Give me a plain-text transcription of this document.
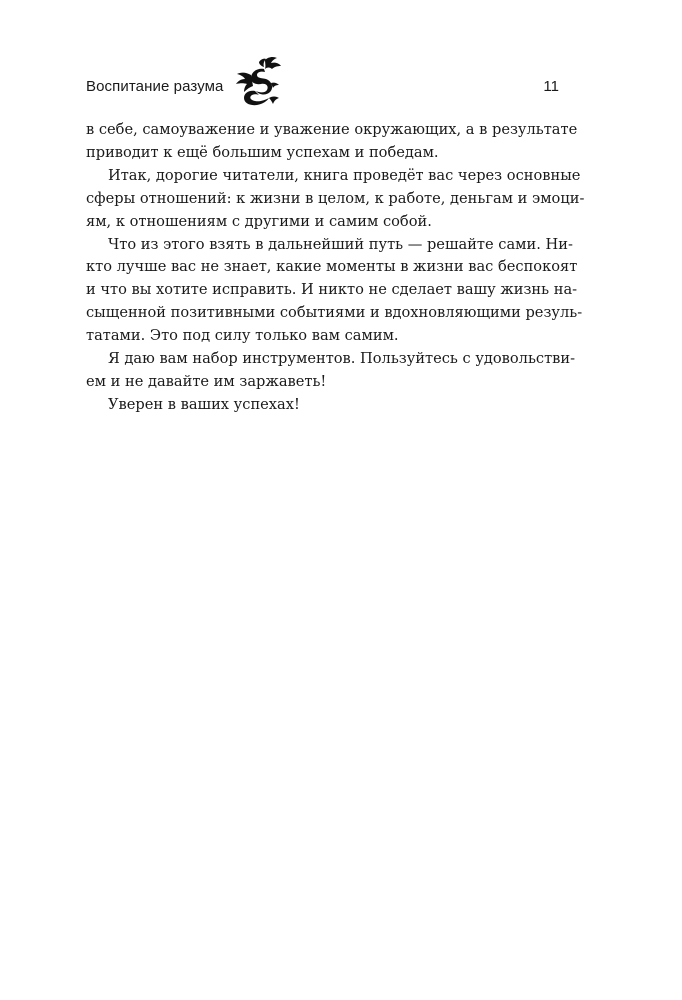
Воспитание разума	11

в себе, самоуважение и уважение окружающих, а в результате
приводит к ещё большим успехам и победам.

Итак, дорогие читатели, книга проведёт вас через основные
сферы отношений: к жизни в целом, к работе, деньгам и эмоци-
ям, к отношениям с другими и самим собой.

Что из этого взять в дальнейший путь — решайте сами. Ни-
кто лучше вас не знает, какие моменты в жизни вас беспокоят
и что вы хотите исправить. И никто не сделает вашу жизнь на-
сыщенной позитивными событиями и вдохновляющими резуль-
татами. Это под силу только вам самим.

Я даю вам набор инструментов. Пользуйтесь с удовольстви-
ем и не давайте им заржаветь!

Уверен в ваших успехах!
